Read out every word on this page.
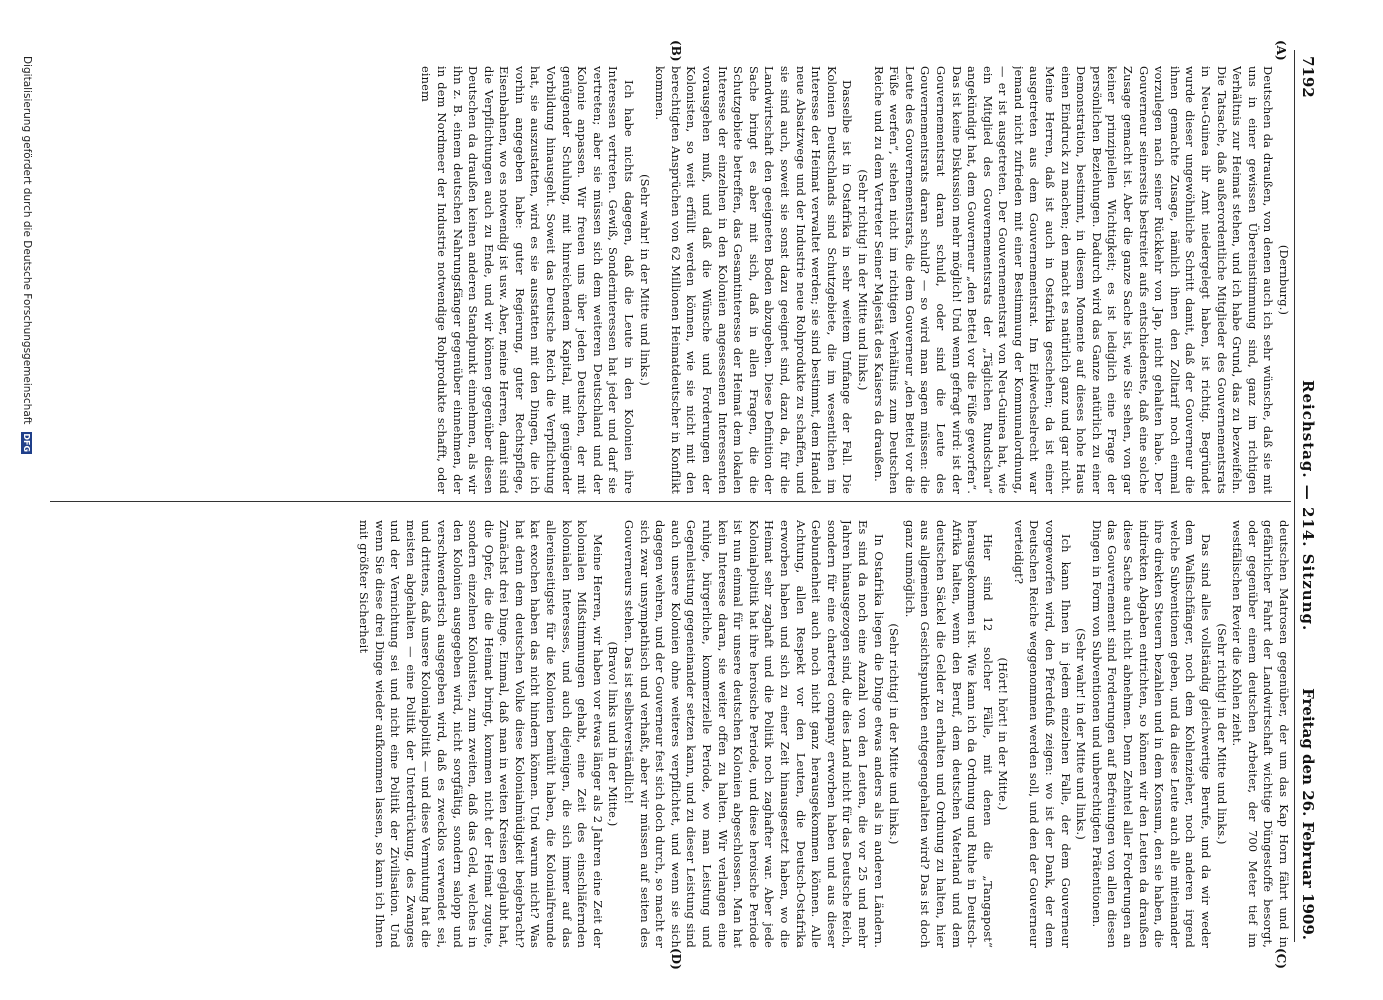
7192
Reichstag. — 214. Sitzung.
Freitag den 26. Februar 1909.
(A)
(B)
(C)
(D)

(Dernburg.)

Deutschen da draußen, von denen auch ich sehr wünsche, daß sie mit uns in einer gewissen Übereinstimmung sind, ganz im richtigen Verhältnis zur Heimat stehen, und ich habe Grund, das zu bezweifeln. Die Tatsache, daß außerordentliche Mitglieder des Gouvernementsrats in Neu-Guinea ihr Amt niedergelegt haben, ist richtig. Begründet wurde dieser ungewöhnliche Schritt damit, daß der Gouverneur die ihnen gemachte Zusage, nämlich ihnen den Zolltarif noch einmal vorzulegen nach seiner Rückkehr von Jap, nicht gehalten habe. Der Gouverneur seinerseits bestreitet aufs entschiedenste, daß eine solche Zusage gemacht ist. Aber die ganze Sache ist, wie Sie sehen, von gar keiner prinzipiellen Wichtigkeit; es ist lediglich eine Frage der persönlichen Beziehungen. Dadurch wird das Ganze natürlich zu einer Demonstration, bestimmt, in diesem Momente auf dieses hohe Haus einen Eindruck zu machen; den macht es natürlich ganz und gar nicht. Meine Herren, daß ist auch in Ostafrika geschehen; da ist einer ausgetreten aus dem Gouvernementsrat. Im Eidwechselrecht war jemand nicht zufrieden mit einer Bestimmung der Kommunalordnung, — er ist ausgetreten. Der Gouvernementsrat von Neu-Guinea hat, wie ein Mitglied des Gouvernementsrats der „Täglichen Rundschau“ angekündigt hat, dem Gouverneur „den Bettel vor die Füße geworfen“. Das ist keine Diskussion mehr möglich! Und wenn gefragt wird: ist der Gouvernementsrat daran schuld, oder sind die Leute des Gouvernementsrats daran schuld? — so wird man sagen müssen: die Leute des Gouvernementsrats, die dem Gouverneur „den Bettel vor die Füße werfen“, stehen nicht im richtigen Verhältnis zum Deutschen Reiche und zu dem Vertreter Seiner Majestät des Kaisers da draußen.

(Sehr richtig! in der Mitte und links.)

Dasselbe ist in Ostafrika in sehr weitem Umfange der Fall. Die Kolonien Deutschlands sind Schutzgebiete, die im wesentlichen im Interesse der Heimat verwaltet werden; sie sind bestimmt, dem Handel neue Absatzwege und der Industrie neue Rohprodukte zu schaffen, und sie sind auch, soweit sie sonst dazu geeignet sind, dazu da, für die Landwirtschaft den geeigneten Boden abzugeben. Diese Definition der Sache bringt es aber mit sich, daß in allen Fragen, die die Schutzgebiete betreffen, das Gesamtinteresse der Heimat dem lokalen Interesse der einzelnen in den Kolonien angesessenen Interessenten vorausgehen muß, und daß die Wünsche und Forderungen der Kolonisten, so weit erfüllt werden können, wie sie nicht mit den berechtigten Ansprüchen von 62 Millionen Heimatdeutscher in Konflikt kommen.

(Sehr wahr! in der Mitte und links.)

Ich habe nichts dagegen, daß die Leute in den Kolonien ihre Interessen vertreten. Gewiß, Sonderinteressen hat jeder und darf sie vertreten; aber sie müssen sich dem weiteren Deutschland und der Kolonie anpassen. Wir freuen uns über jeden Deutschen, der mit genügender Schulung, mit hinreichendem Kapital, mit genügender Vorbildung hinausgeht. Soweit das Deutsche Reich die Verpflichtung hat, sie auszustatten, wird es sie ausstatten mit den Dingen, die ich vorhin angegeben habe: guter Regierung, guter Rechtspflege, Eisenbahnen, wo es notwendig ist usw. Aber, meine Herren, damit sind die Verpflichtungen auch zu Ende, und wir können gegenüber diesen Deutschen da draußen keinen anderen Standpunkt einnehmen, als wir ihn z. B. einem deutschen Nahrungsfänger gegenüber einnehmen, der in dem Nordmeer der Industrie notwendige Rohprodukte schafft, oder einem

deutschen Matrosen gegenüber, der um das Kap Horn fährt und in gefährlicher Fahrt der Landwirtschaft wichtige Düngestoffe besorgt, oder gegenüber einem deutschen Arbeiter, der 700 Meter tief im westfälischen Revier die Kohlen zieht.

(Sehr richtig! in der Mitte und links.)

Das sind alles vollständig gleichwertige Berufe, und da wir weder dem Walfischfänger, noch dem Kohlenzieher, noch anderen irgend welche Subventionen geben, und da diese Leute auch alle miteinander ihre direkten Steuern bezahlen und in dem Konsum, den sie haben, die indirekten Abgaben entrichten, so können wir den Leuten da draußen diese Sache auch nicht abnehmen. Denn Zehntel aller Forderungen an das Gouvernement sind Forderungen auf Befreiungen von allen diesen Dingen in Form von Subventionen und unberechtigten Prätentionen.

(Sehr wahr! in der Mitte und links.)

Ich kann Ihnen in jedem einzelnen Falle, der dem Gouverneur vorgeworfen wird, den Pferdefuß zeigen: wo ist der Dank, der dem Deutschen Reiche weggenommen werden soll, und den der Gouverneur verteidigt?

(Hört! hört! in der Mitte.)

Hier sind 12 solcher Fälle, mit denen die „Tangapost“ herausgekommen ist. Wie kann ich da Ordnung und Ruhe in Deutsch-Afrika halten, wenn den Beruf, dem deutschen Vaterland und dem deutschen Säckel die Gelder zu erhalten und Ordnung zu halten, hier aus allgemeinen Gesichtspunkten entgegengehalten wird? Das ist doch ganz unmöglich.

(Sehr richtig! in der Mitte und links.)

In Ostafrika liegen die Dinge etwas anders als in anderen Ländern. Es sind da noch eine Anzahl von den Leuten, die vor 25 und mehr Jahren hinausgezogen sind, die dies Land nicht für das Deutsche Reich, sondern für eine chartered company erworben haben und aus dieser Gebundenheit auch noch nicht ganz herausgekommen können. Alle Achtung, allen Respekt vor den Leuten, die Deutsch-Ostafrika erworben haben und sich zu einer Zeit hinausgesetzt haben, wo die Heimat sehr zaghaft und die Politik noch zaghafter war. Aber jede Kolonialpolitik hat ihre heroische Periode, und diese heroische Periode ist nun einmal für unsere deutschen Kolonien abgeschlossen. Man hat kein Interesse daran, sie weiter offen zu halten. Wir verlangen eine ruhige, bürgerliche, kommerzielle Periode, wo man Leistung und Gegenleistung gegeneinander setzen kann, und zu dieser Leistung sind auch unsere Kolonien ohne weiteres verpflichtet, und wenn sie sich dagegen wehren, und der Gouverneur fest sich doch durch, so macht er sich zwar unsympathisch und verhaßt, aber wir müssen auf seiten des Gouverneurs stehen. Das ist selbstverständlich!

(Bravo! links und in der Mitte.)

Meine Herren, wir haben vor etwas länger als 2 Jahren eine Zeit der kolonialen Mißstimmungen gehabt, eine Zeit des einschläfernden kolonialen Interesses, und auch diejenigen, die sich immer auf das allereinseitigste für die Kolonien bemüht haben, die Kolonialfreunde kat exochen haben das nicht hindern können. Und warum nicht? Was hat denn dem deutschen Volke diese Kolonialmüdigkeit beigebracht? Zunächst drei Dinge. Einmal, daß man in weiten Kreisen geglaubt hat, die Opfer, die die Heimat bringt, kommen nicht der Heimat zugute, sondern einzelnen Kolonisten, zum zweiten, daß das Geld, welches in den Kolonien ausgegeben wird, nicht sorgfältig, sondern salopp und verschwenderisch ausgegeben wird, daß es zwecklos verwendet sei, und drittens, daß unsere Kolonialpolitik — und diese Vermutung hat die meisten abgehalten — eine Politik der Unterdrückung, des Zwanges und der Vernichtung sei und nicht eine Politik der Zivilisation. Und wenn Sie diese drei Dinge wieder aufkommen lassen, so kann ich Ihnen mit größter Sicherheit

Digitalisierung gefördert durch die Deutsche Forschungsgemeinschaft DFG
